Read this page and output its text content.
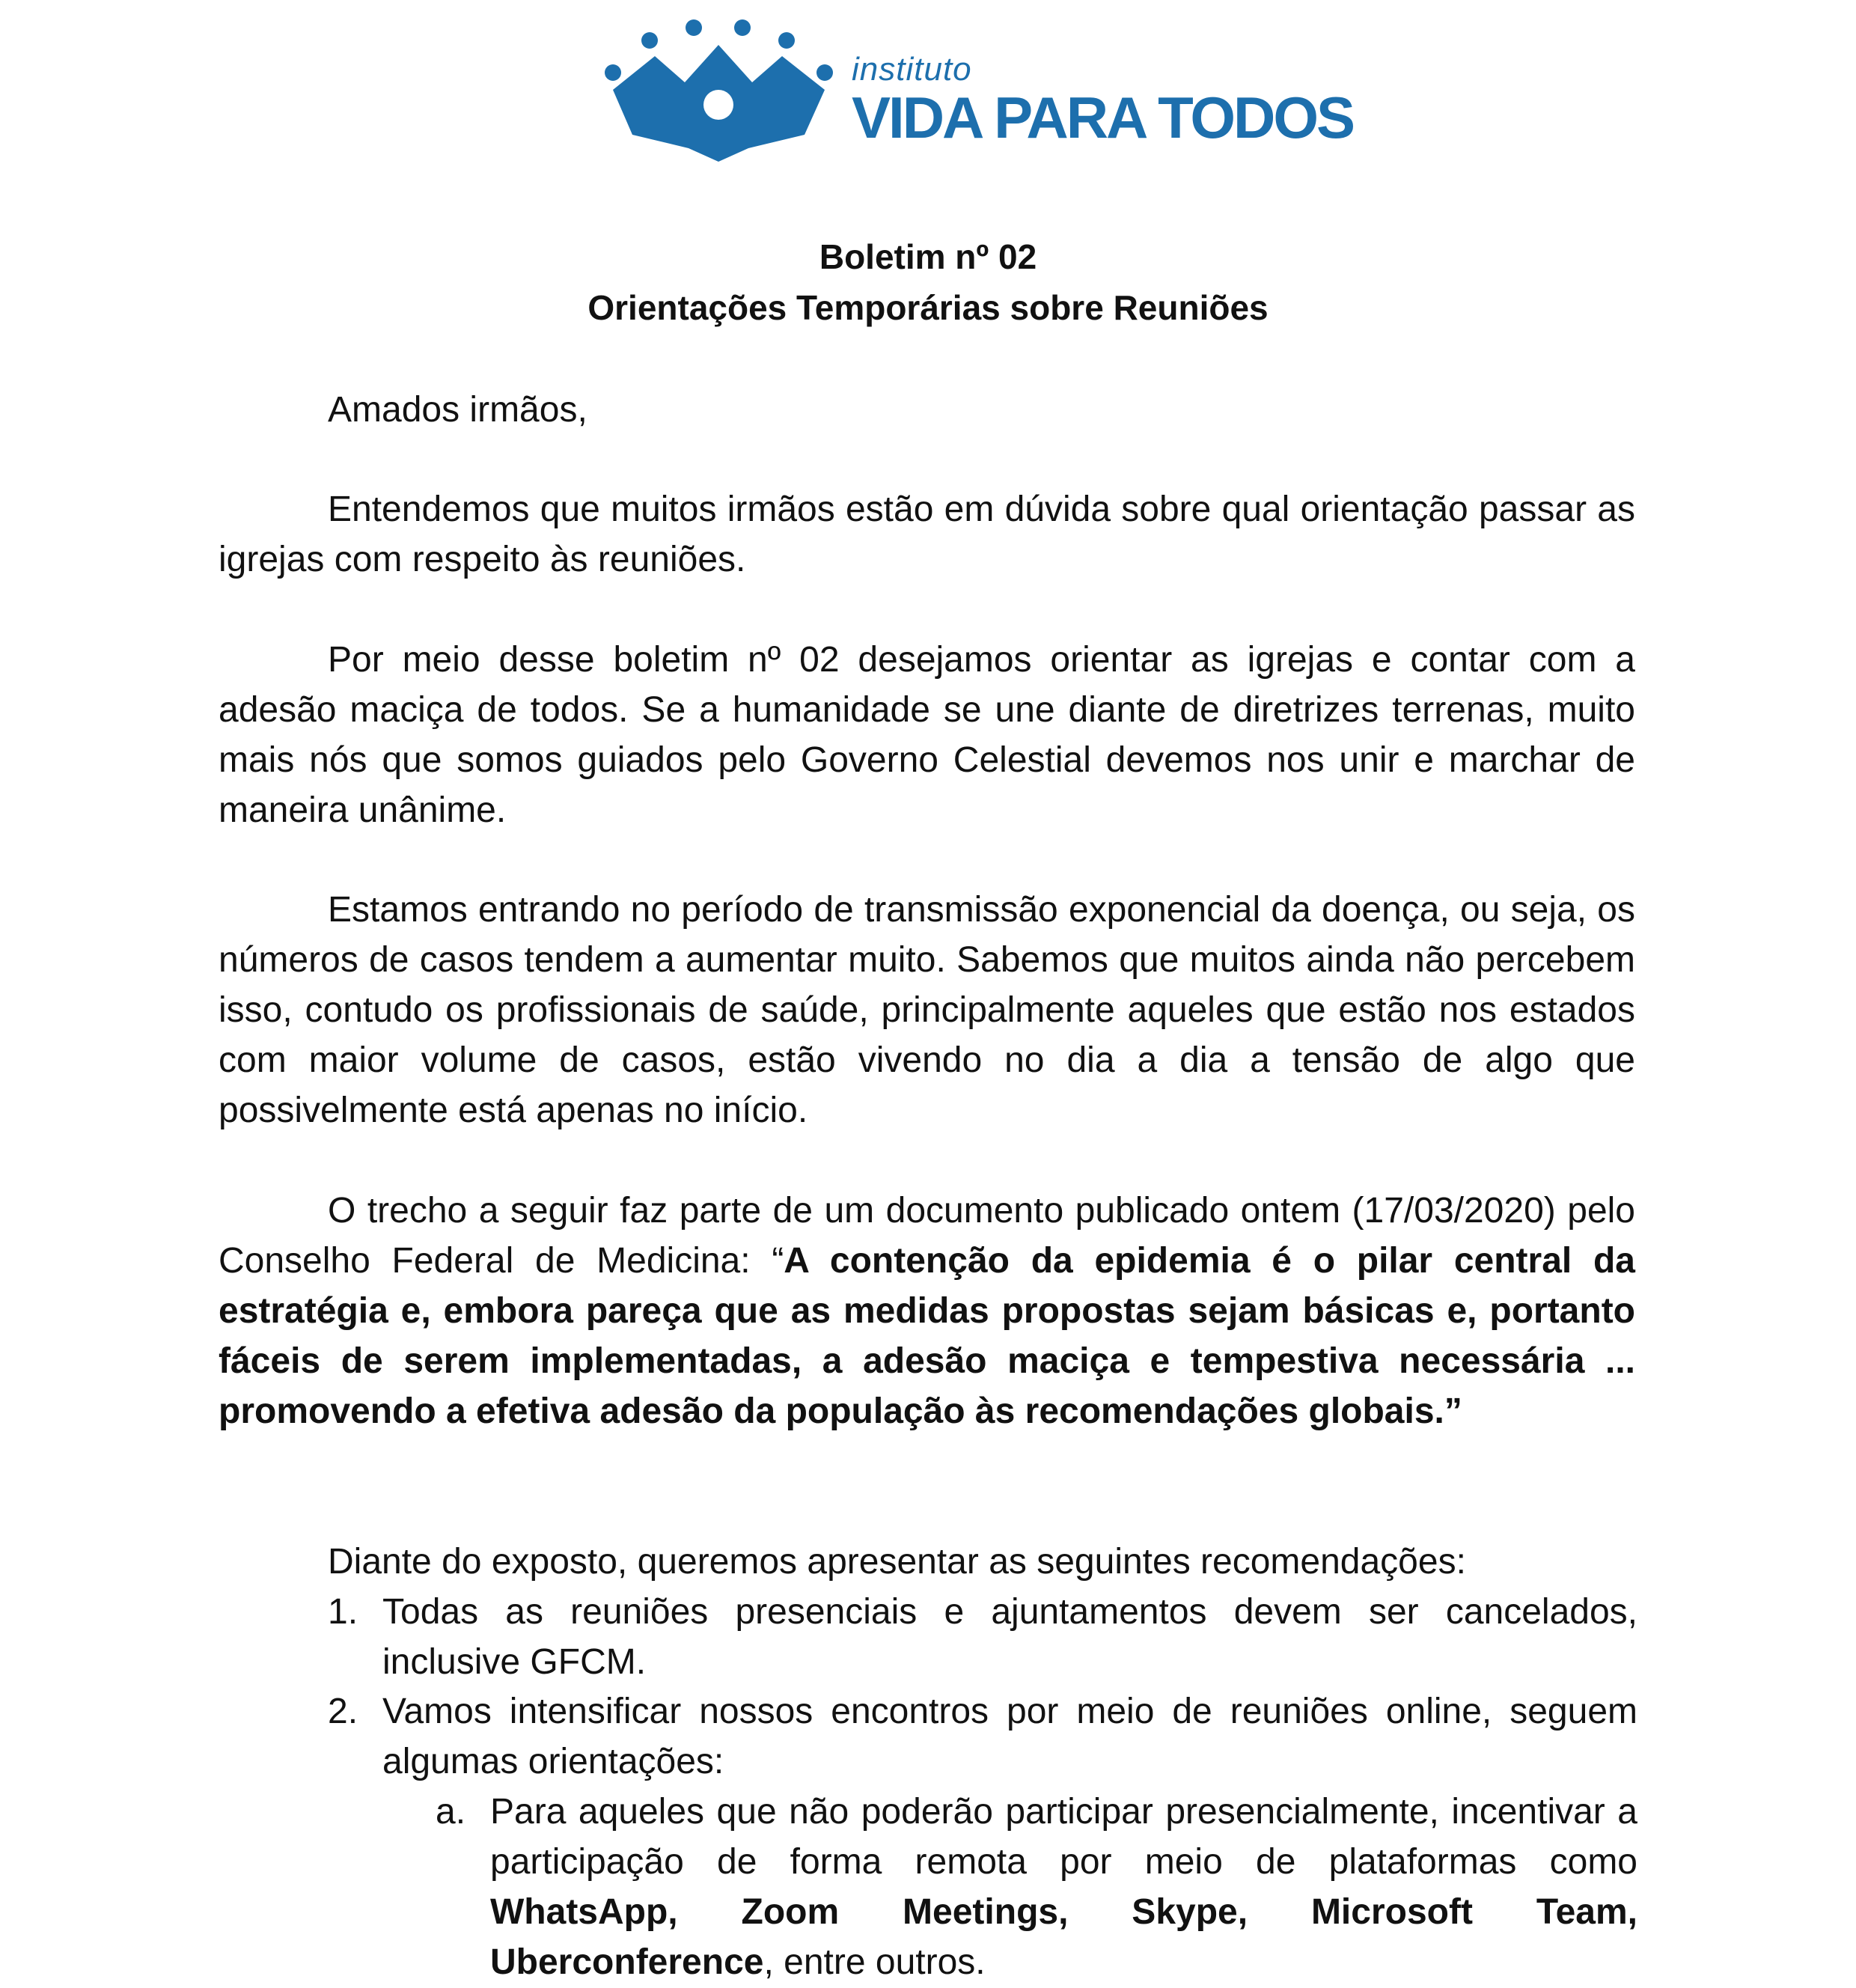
instituto
VIDA PARA TODOS
Boletim nº 02
Orientações Temporárias sobre Reuniões

Amados irmãos,

Entendemos que muitos irmãos estão em dúvida sobre qual orientação passar as igrejas com respeito às reuniões.

Por meio desse boletim nº 02 desejamos orientar as igrejas e contar com a adesão maciça de todos. Se a humanidade se une diante de diretrizes terrenas, muito mais nós que somos guiados pelo Governo Celestial devemos nos unir e marchar de maneira unânime.

Estamos entrando no período de transmissão exponencial da doença, ou seja, os números de casos tendem a aumentar muito. Sabemos que muitos ainda não percebem isso, contudo os profissionais de saúde, principalmente aqueles que estão nos estados com maior volume de casos, estão vivendo no dia a dia a tensão de algo que possivelmente está apenas no início.

O trecho a seguir faz parte de um documento publicado ontem (17/03/2020) pelo Conselho Federal de Medicina: “A contenção da epidemia é o pilar central da estratégia e, embora pareça que as medidas propostas sejam básicas e, portanto fáceis de serem implementadas, a adesão maciça e tempestiva necessária ... promovendo a efetiva adesão da população às recomendações globais.”

Diante do exposto, queremos apresentar as seguintes recomendações:
1. Todas as reuniões presenciais e ajuntamentos devem ser cancelados, inclusive GFCM.
2. Vamos intensificar nossos encontros por meio de reuniões online, seguem algumas orientações:
a. Para aqueles que não poderão participar presencialmente, incentivar a participação de forma remota por meio de plataformas como WhatsApp, Zoom Meetings, Skype, Microsoft Team, Uberconference, entre outros.
